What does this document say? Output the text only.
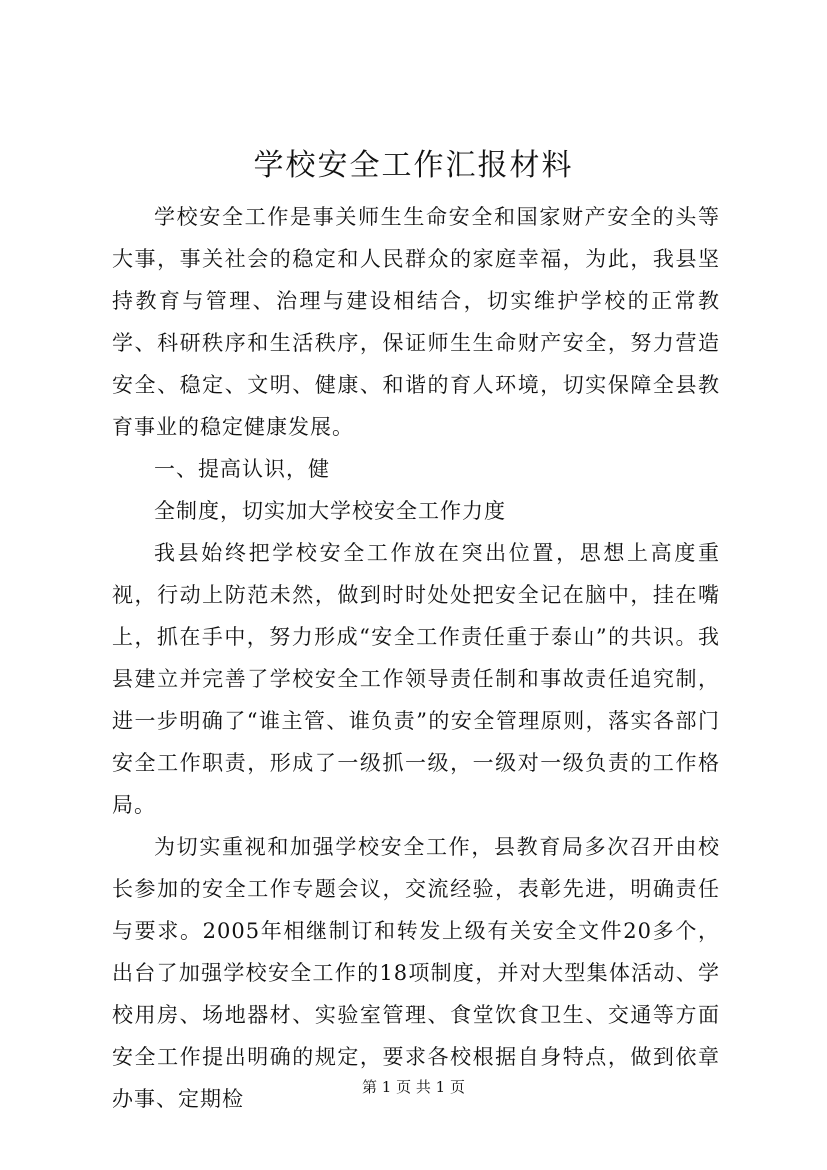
学校安全工作汇报材料

学校安全工作是事关师生生命安全和国家财产安全的头等大事，事关社会的稳定和人民群众的家庭幸福，为此，我县坚持教育与管理、治理与建设相结合，切实维护学校的正常教学、科研秩序和生活秩序，保证师生生命财产安全，努力营造安全、稳定、文明、健康、和谐的育人环境，切实保障全县教育事业的稳定健康发展。

一、提高认识，健

全制度，切实加大学校安全工作力度

我县始终把学校安全工作放在突出位置，思想上高度重视，行动上防范未然，做到时时处处把安全记在脑中，挂在嘴上，抓在手中，努力形成“安全工作责任重于泰山”的共识。我县建立并完善了学校安全工作领导责任制和事故责任追究制，进一步明确了“谁主管、谁负责”的安全管理原则，落实各部门安全工作职责，形成了一级抓一级，一级对一级负责的工作格局。

为切实重视和加强学校安全工作，县教育局多次召开由校长参加的安全工作专题会议，交流经验，表彰先进，明确责任与要求。2005年相继制订和转发上级有关安全文件20多个，出台了加强学校安全工作的18项制度，并对大型集体活动、学校用房、场地器材、实验室管理、食堂饮食卫生、交通等方面安全工作提出明确的规定，要求各校根据自身特点，做到依章办事、定期检	第 1 页 共 1 页
